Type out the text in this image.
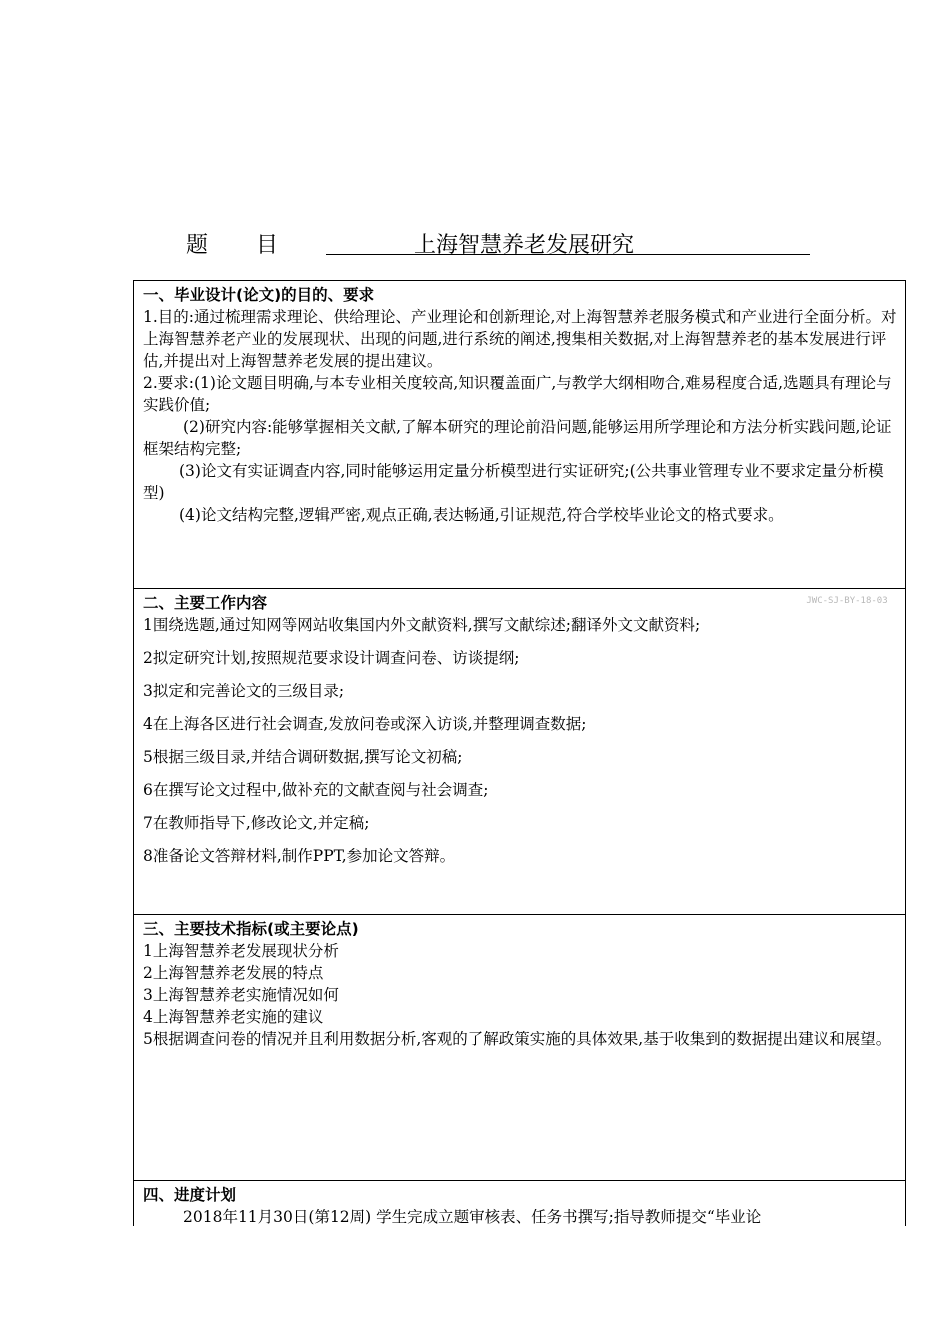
题 目	上海智慧养老发展研究
一、毕业设计(论文)的目的、要求

1.目的:通过梳理需求理论、供给理论、产业理论和创新理论,对上海智慧养老服务模式和产业进行全面分析。对上海智慧养老产业的发展现状、出现的问题,进行系统的阐述,搜集相关数据,对上海智慧养老的基本发展进行评估,并提出对上海智慧养老发展的提出建议。

2.要求:(1)论文题目明确,与本专业相关度较高,知识覆盖面广,与教学大纲相吻合,难易程度合适,选题具有理论与实践价值;

(2)研究内容:能够掌握相关文献,了解本研究的理论前沿问题,能够运用所学理论和方法分析实践问题,论证框架结构完整;

(3)论文有实证调查内容,同时能够运用定量分析模型进行实证研究;(公共事业管理专业不要求定量分析模型)

(4)论文结构完整,逻辑严密,观点正确,表达畅通,引证规范,符合学校毕业论文的格式要求。

JWC-SJ-BY-18-03
二、主要工作内容

1围绕选题,通过知网等网站收集国内外文献资料,撰写文献综述;翻译外文文献资料;

2拟定研究计划,按照规范要求设计调查问卷、访谈提纲;

3拟定和完善论文的三级目录;

4在上海各区进行社会调查,发放问卷或深入访谈,并整理调查数据;

5根据三级目录,并结合调研数据,撰写论文初稿;

6在撰写论文过程中,做补充的文献查阅与社会调查;

7在教师指导下,修改论文,并定稿;

8准备论文答辩材料,制作PPT,参加论文答辩。

三、主要技术指标(或主要论点)

1上海智慧养老发展现状分析

2上海智慧养老发展的特点

3上海智慧养老实施情况如何

4上海智慧养老实施的建议

5根据调查问卷的情况并且利用数据分析,客观的了解政策实施的具体效果,基于收集到的数据提出建议和展望。

四、进度计划

2018年11月30日(第12周) 学生完成立题审核表、任务书撰写;指导教师提交“毕业论
